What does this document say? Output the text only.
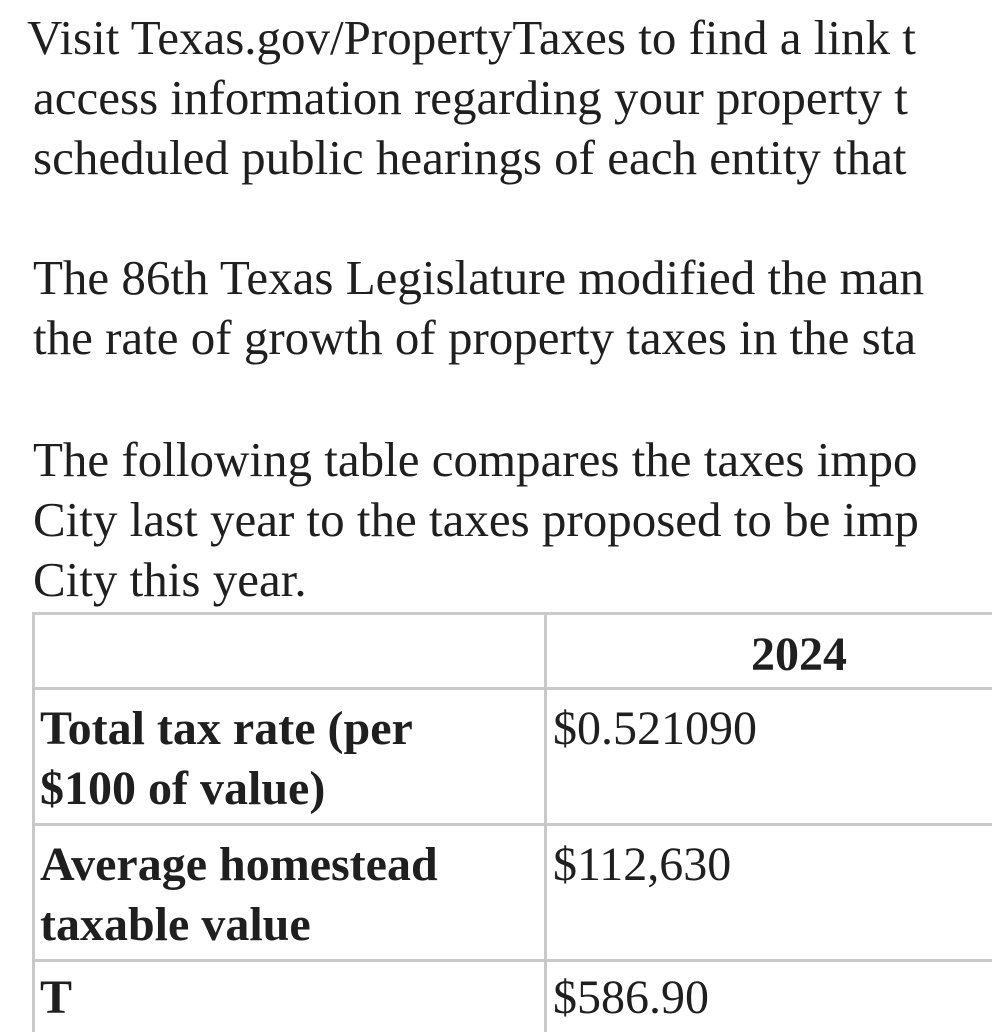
Visit Texas.gov/PropertyTaxes to find a link t
access information regarding your property t
scheduled public hearings of each entity that
The 86th Texas Legislature modified the man
the rate of growth of property taxes in the sta
The following table compares the taxes impo
City last year to the taxes proposed to be imp
City this year.
2024
Total tax rate (per
$100 of value)
$0.521090
Average homestead
taxable value
$112,630
T	$586.90
